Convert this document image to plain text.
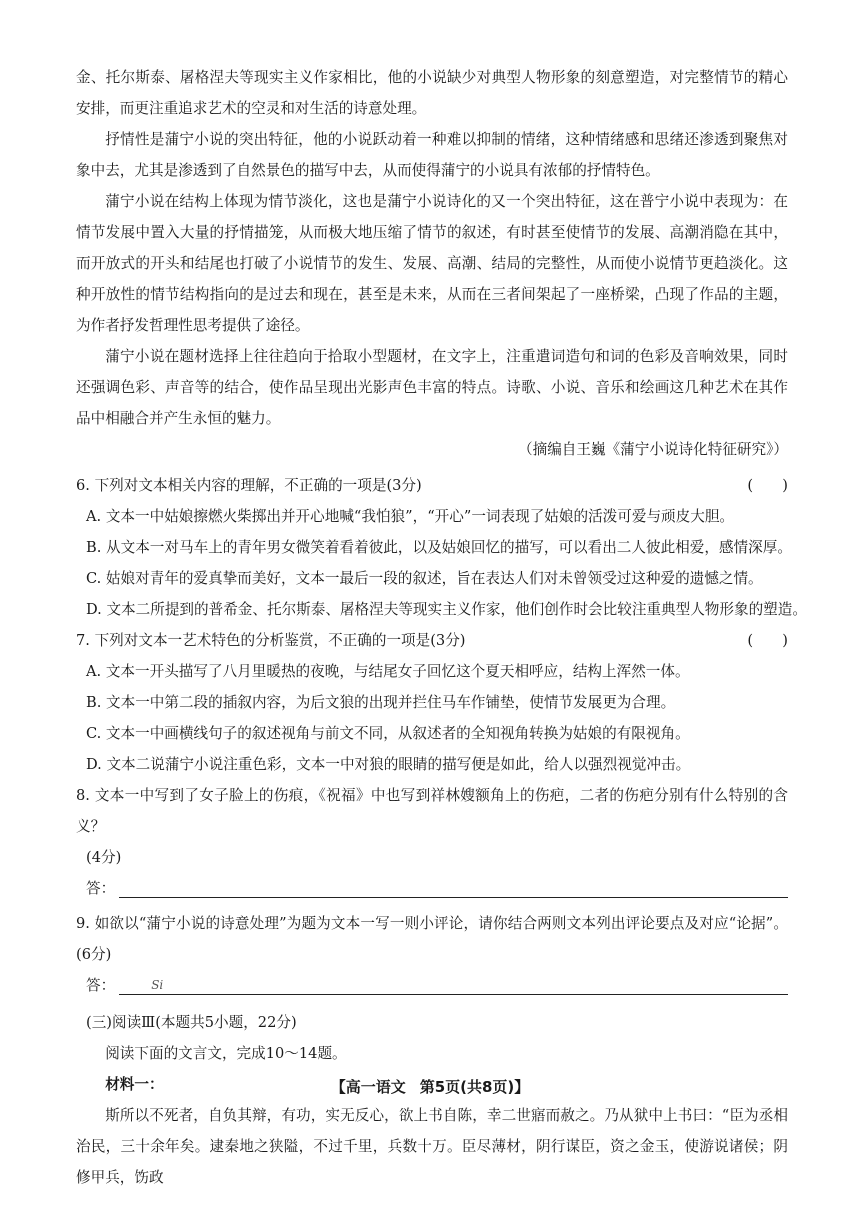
金、托尔斯泰、屠格涅夫等现实主义作家相比，他的小说缺少对典型人物形象的刻意塑造，对完整情节的精心安排，而更注重追求艺术的空灵和对生活的诗意处理。

抒情性是蒲宁小说的突出特征，他的小说跃动着一种难以抑制的情绪，这种情绪感和思绪还渗透到聚焦对象中去，尤其是渗透到了自然景色的描写中去，从而使得蒲宁的小说具有浓郁的抒情特色。

蒲宁小说在结构上体现为情节淡化，这也是蒲宁小说诗化的又一个突出特征，这在普宁小说中表现为：在情节发展中置入大量的抒情描笼，从而极大地压缩了情节的叙述，有时甚至使情节的发展、高潮消隐在其中，而开放式的开头和结尾也打破了小说情节的发生、发展、高潮、结局的完整性，从而使小说情节更趋淡化。这种开放性的情节结构指向的是过去和现在，甚至是未来，从而在三者间架起了一座桥梁，凸现了作品的主题，为作者抒发哲理性思考提供了途径。

蒲宁小说在题材选择上往往趋向于拾取小型题材，在文字上，注重遣词造句和词的色彩及音响效果，同时还强调色彩、声音等的结合，使作品呈现出光影声色丰富的特点。诗歌、小说、音乐和绘画这几种艺术在其作品中相融合并产生永恒的魅力。

（摘编自王巍《蒲宁小说诗化特征研究》）

6. 下列对文本相关内容的理解，不正确的一项是(3分)	(　　)

A. 文本一中姑娘擦燃火柴掷出并开心地喊“我怕狼”，“开心”一词表现了姑娘的活泼可爱与顽皮大胆。

B. 从文本一对马车上的青年男女微笑着看着彼此，以及姑娘回忆的描写，可以看出二人彼此相爱，感情深厚。

C. 姑娘对青年的爱真挚而美好，文本一最后一段的叙述，旨在表达人们对未曾领受过这种爱的遗憾之情。

D. 文本二所提到的普希金、托尔斯泰、屠格涅夫等现实主义作家，他们创作时会比较注重典型人物形象的塑造。

7. 下列对文本一艺术特色的分析鉴赏，不正确的一项是(3分)	(　　)

A. 文本一开头描写了八月里暖热的夜晚，与结尾女子回忆这个夏天相呼应，结构上浑然一体。

B. 文本一中第二段的插叙内容，为后文狼的出现并拦住马车作铺垫，使情节发展更为合理。

C. 文本一中画横线句子的叙述视角与前文不同，从叙述者的全知视角转换为姑娘的有限视角。

D. 文本二说蒲宁小说注重色彩，文本一中对狼的眼睛的描写便是如此，给人以强烈视觉冲击。

8. 文本一中写到了女子脸上的伤痕，《祝福》中也写到祥林嫂额角上的伤疤，二者的伤疤分别有什么特别的含义？

(4分)

答：

9. 如欲以“蒲宁小说的诗意处理”为题为文本一写一则小评论，请你结合两则文本列出评论要点及对应“论据”。(6分)

答：	Si

(三)阅读Ⅲ(本题共5小题，22分)

阅读下面的文言文，完成10～14题。

材料一：

斯所以不死者，自负其辩，有功，实无反心，欲上书自陈，幸二世寤而赦之。乃从狱中上书曰：“臣为丞相治民，三十余年矣。逮秦地之狭隘，不过千里，兵数十万。臣尽薄材，阴行谋臣，资之金玉，使游说诸侯；阴修甲兵，饬政

【高一语文 第5页(共8页)】
